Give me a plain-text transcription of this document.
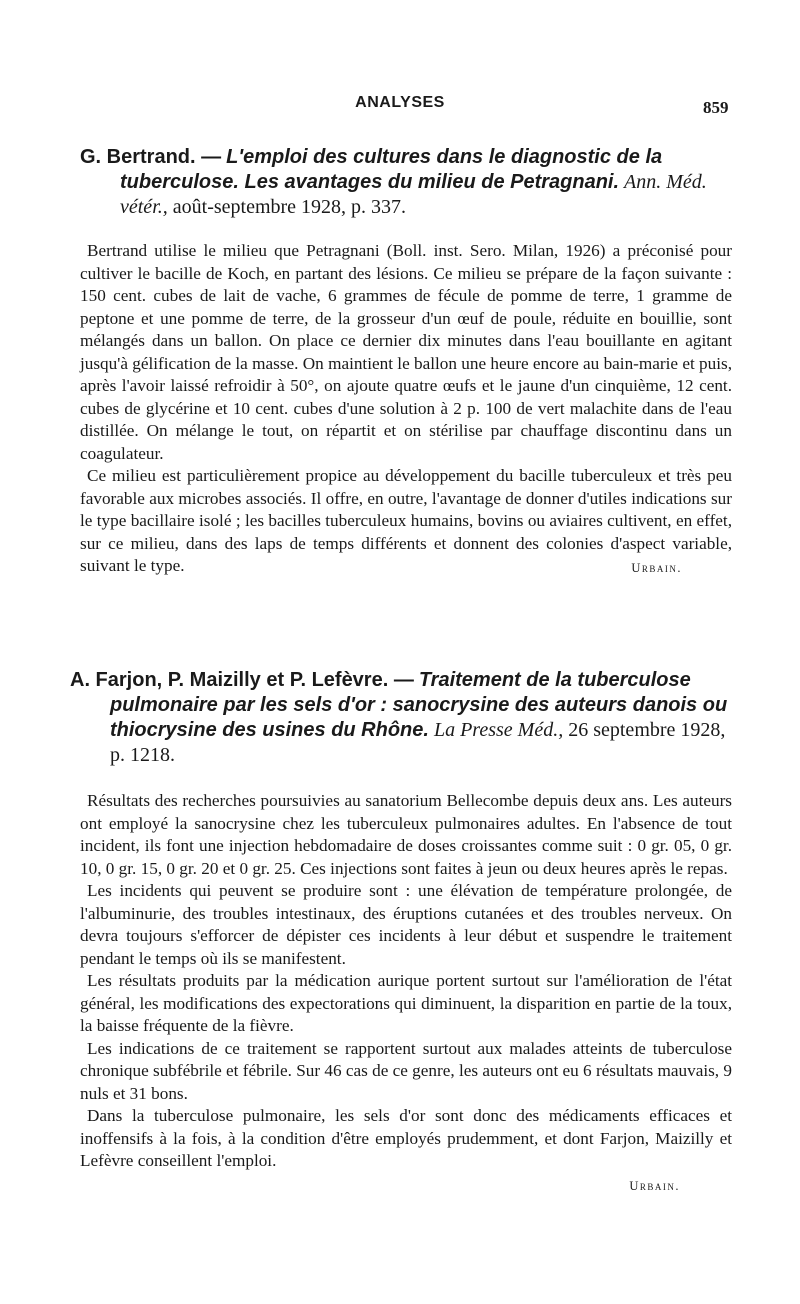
ANALYSES	859

G. Bertrand. — L'emploi des cultures dans le diagnostic de la tuberculose. Les avantages du milieu de Petragnani. Ann. Méd. vétér., août-septembre 1928, p. 337.

Bertrand utilise le milieu que Petragnani (Boll. inst. Sero. Milan, 1926) a préconisé pour cultiver le bacille de Koch, en partant des lésions. Ce milieu se prépare de la façon suivante : 150 cent. cubes de lait de vache, 6 grammes de fécule de pomme de terre, 1 gramme de peptone et une pomme de terre, de la grosseur d'un œuf de poule, réduite en bouillie, sont mélangés dans un ballon. On place ce dernier dix minutes dans l'eau bouillante en agitant jusqu'à gélification de la masse. On maintient le ballon une heure encore au bain-marie et puis, après l'avoir laissé refroidir à 50°, on ajoute quatre œufs et le jaune d'un cinquième, 12 cent. cubes de glycérine et 10 cent. cubes d'une solution à 2 p. 100 de vert malachite dans de l'eau distillée. On mélange le tout, on répartit et on stérilise par chauffage discontinu dans un coagulateur.

Ce milieu est particulièrement propice au développement du bacille tuberculeux et très peu favorable aux microbes associés. Il offre, en outre, l'avantage de donner d'utiles indications sur le type bacillaire isolé ; les bacilles tuberculeux humains, bovins ou aviaires cultivent, en effet, sur ce milieu, dans des laps de temps différents et donnent des colonies d'aspect variable, suivant le type.	Urbain.

A. Farjon, P. Maizilly et P. Lefèvre. — Traitement de la tuberculose pulmonaire par les sels d'or : sanocrysine des auteurs danois ou thiocrysine des usines du Rhône. La Presse Méd., 26 septembre 1928, p. 1218.

Résultats des recherches poursuivies au sanatorium Bellecombe depuis deux ans. Les auteurs ont employé la sanocrysine chez les tuberculeux pulmonaires adultes. En l'absence de tout incident, ils font une injection hebdomadaire de doses croissantes comme suit : 0 gr. 05, 0 gr. 10, 0 gr. 15, 0 gr. 20 et 0 gr. 25. Ces injections sont faites à jeun ou deux heures après le repas.

Les incidents qui peuvent se produire sont : une élévation de température prolongée, de l'albuminurie, des troubles intestinaux, des éruptions cutanées et des troubles nerveux. On devra toujours s'efforcer de dépister ces incidents à leur début et suspendre le traitement pendant le temps où ils se manifestent.

Les résultats produits par la médication aurique portent surtout sur l'amélioration de l'état général, les modifications des expectorations qui diminuent, la disparition en partie de la toux, la baisse fréquente de la fièvre.

Les indications de ce traitement se rapportent surtout aux malades atteints de tuberculose chronique subfébrile et fébrile. Sur 46 cas de ce genre, les auteurs ont eu 6 résultats mauvais, 9 nuls et 31 bons.

Dans la tuberculose pulmonaire, les sels d'or sont donc des médicaments efficaces et inoffensifs à la fois, à la condition d'être employés prudemment, et dont Farjon, Maizilly et Lefèvre conseillent l'emploi.

Urbain.
